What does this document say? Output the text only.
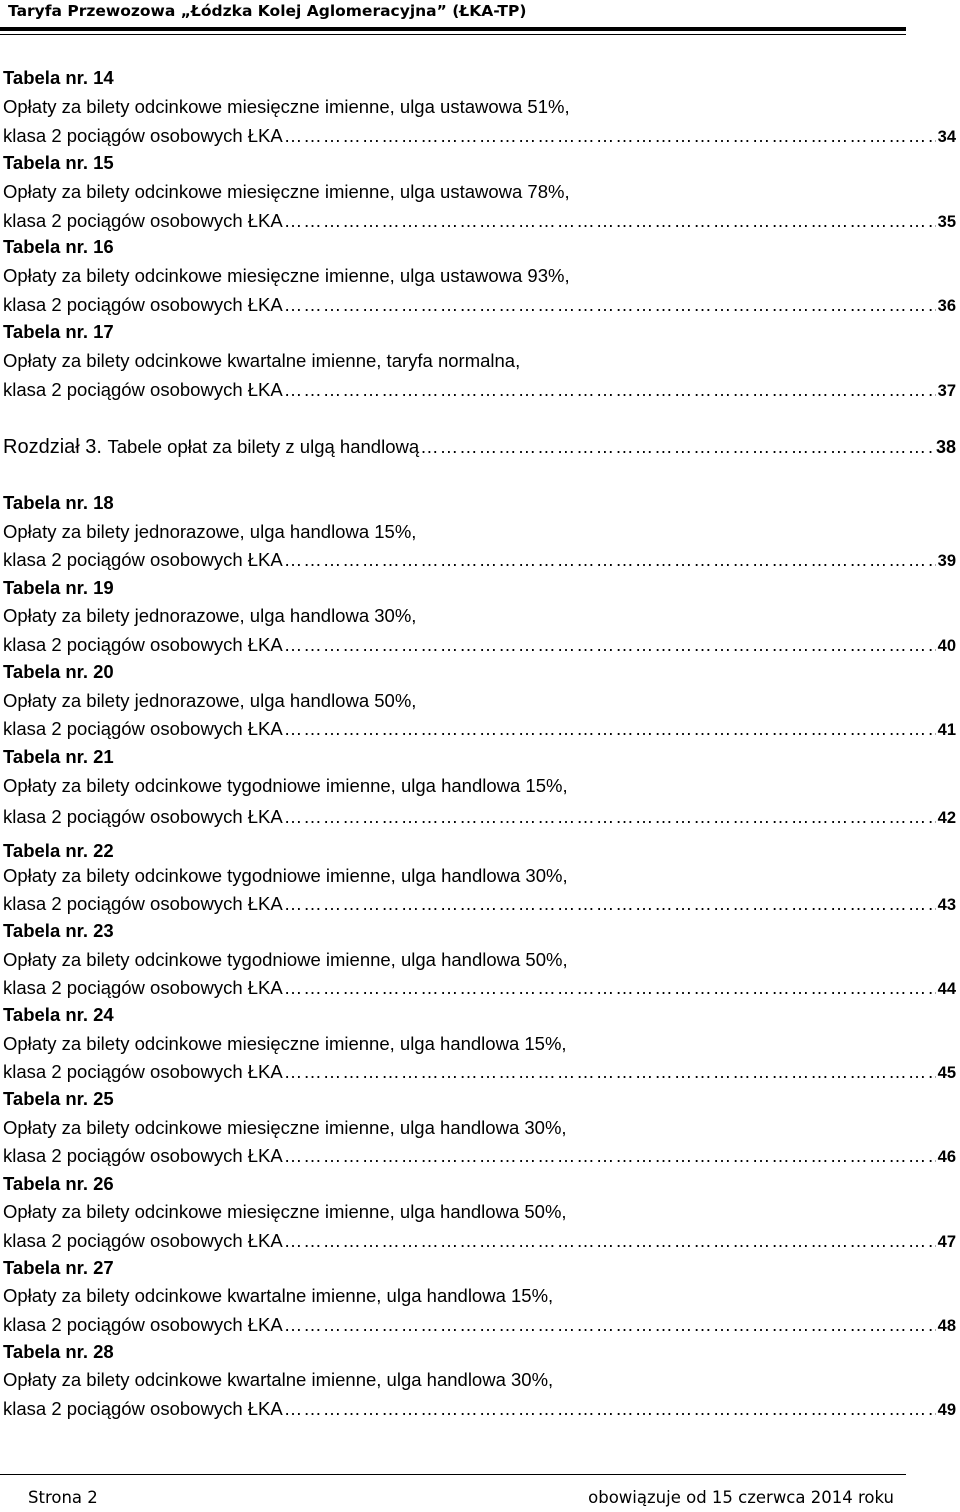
Taryfa Przewozowa „Łódzka Kolej Aglomeracyjna” (ŁKA-TP)
Tabela nr. 14
Opłaty za bilety odcinkowe miesięczne imienne, ulga ustawowa 51%,
klasa 2 pociągów osobowych ŁKA ……………………………………………………………………………………………………………………………………………………………………	34
Tabela nr. 15
Opłaty za bilety odcinkowe miesięczne imienne, ulga ustawowa 78%,
klasa 2 pociągów osobowych ŁKA ……………………………………………………………………………………………………………………………………………………………………	35
Tabela nr. 16
Opłaty za bilety odcinkowe miesięczne imienne, ulga ustawowa 93%,
klasa 2 pociągów osobowych ŁKA ……………………………………………………………………………………………………………………………………………………………………	36
Tabela nr. 17
Opłaty za bilety odcinkowe kwartalne imienne, taryfa normalna,
klasa 2 pociągów osobowych ŁKA ……………………………………………………………………………………………………………………………………………………………………	37
Rozdział 3.
Tabele opłat za bilety z ulgą handlową ……………………………………………………………………………………………………………………………………………………………………	38
Tabela nr. 18
Opłaty za bilety jednorazowe, ulga handlowa 15%,
klasa 2 pociągów osobowych ŁKA ……………………………………………………………………………………………………………………………………………………………………	39
Tabela nr. 19
Opłaty za bilety jednorazowe, ulga handlowa 30%,
klasa 2 pociągów osobowych ŁKA ……………………………………………………………………………………………………………………………………………………………………	40
Tabela nr. 20
Opłaty za bilety jednorazowe, ulga handlowa 50%,
klasa 2 pociągów osobowych ŁKA ……………………………………………………………………………………………………………………………………………………………………	41
Tabela nr. 21
Opłaty za bilety odcinkowe tygodniowe imienne, ulga handlowa 15%,
klasa 2 pociągów osobowych ŁKA ……………………………………………………………………………………………………………………………………………………………………	42
Tabela nr. 22
Opłaty za bilety odcinkowe tygodniowe imienne, ulga handlowa 30%,
klasa 2 pociągów osobowych ŁKA ……………………………………………………………………………………………………………………………………………………………………	43
Tabela nr. 23
Opłaty za bilety odcinkowe tygodniowe imienne, ulga handlowa 50%,
klasa 2 pociągów osobowych ŁKA ……………………………………………………………………………………………………………………………………………………………………	44
Tabela nr. 24
Opłaty za bilety odcinkowe miesięczne imienne, ulga handlowa 15%,
klasa 2 pociągów osobowych ŁKA ……………………………………………………………………………………………………………………………………………………………………	45
Tabela nr. 25
Opłaty za bilety odcinkowe miesięczne imienne, ulga handlowa 30%,
klasa 2 pociągów osobowych ŁKA ……………………………………………………………………………………………………………………………………………………………………	46
Tabela nr. 26
Opłaty za bilety odcinkowe miesięczne imienne, ulga handlowa 50%,
klasa 2 pociągów osobowych ŁKA ……………………………………………………………………………………………………………………………………………………………………	47
Tabela nr. 27
Opłaty za bilety odcinkowe kwartalne imienne, ulga handlowa 15%,
klasa 2 pociągów osobowych ŁKA ……………………………………………………………………………………………………………………………………………………………………	48
Tabela nr. 28
Opłaty za bilety odcinkowe kwartalne imienne, ulga handlowa 30%,
klasa 2 pociągów osobowych ŁKA ……………………………………………………………………………………………………………………………………………………………………	49
Strona 2	obowiązuje od 15 czerwca 2014 roku
